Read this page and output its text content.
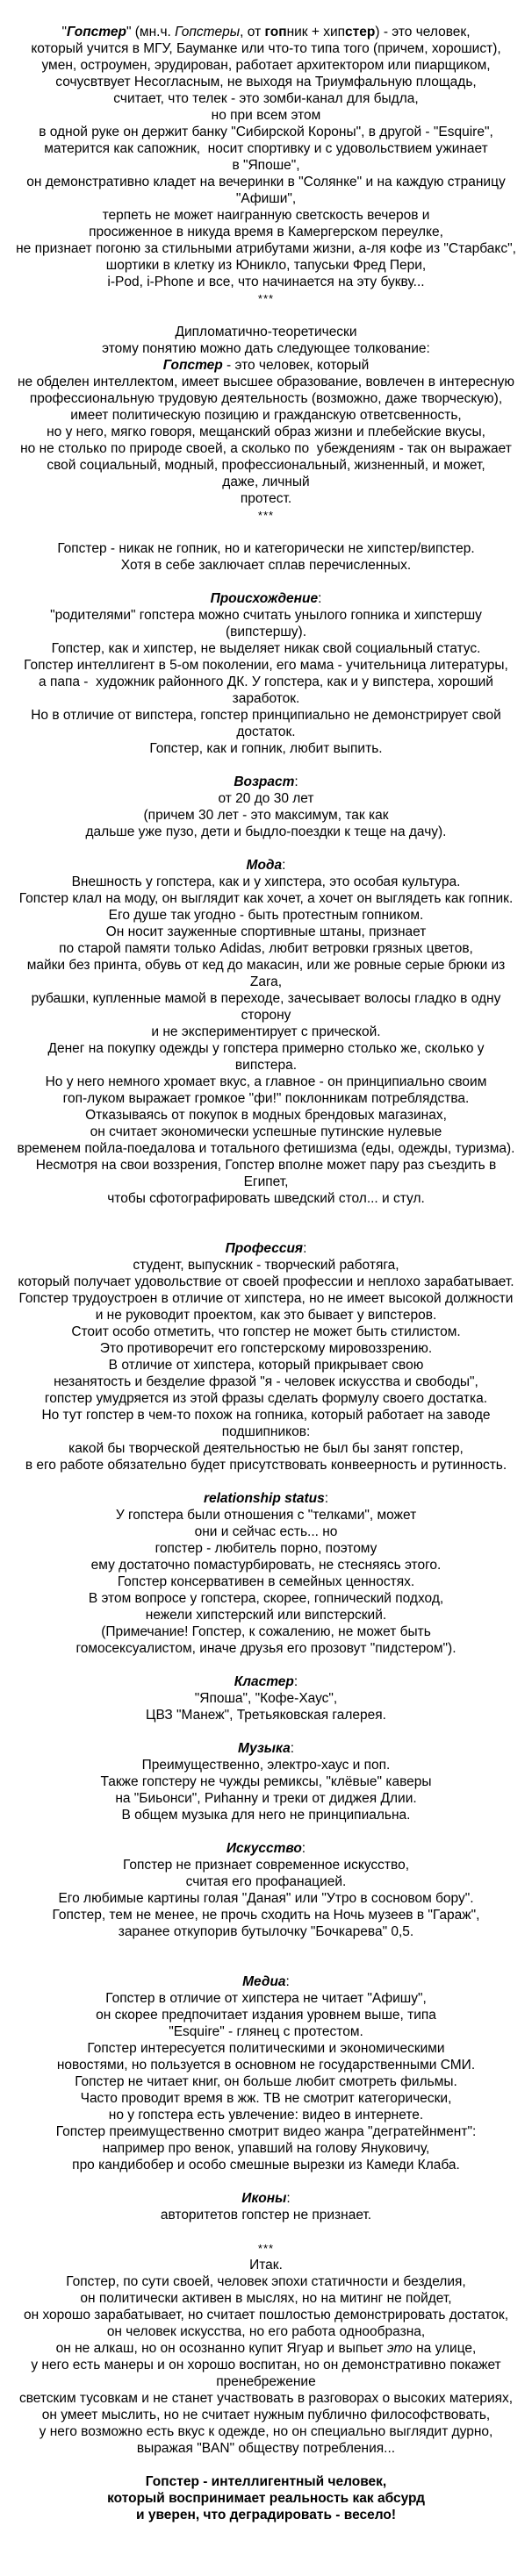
"Гопстер" (мн.ч. Гопстеры, от гопник + хипстер) - это человек,
который учится в МГУ, Бауманке или что-то типа того (причем, хорошист),
умен, остроумен, эрудирован, работает архитектором или пиарщиком,
сочусвтвует Несогласным, не выходя на Триумфальную площадь,
считает, что телек - это зомби-канал для быдла,
но при всем этом
в одной руке он держит банку "Сибирской Короны", в другой - "Esquire",
матерится как сапожник,  носит спортивку и с удовольствием ужинает
в "Япоше",
он демонстративно кладет на вечеринки в "Солянке" и на каждую страницу
"Афиши",
терпеть не может наигранную светскость вечеров и
просиженное в никуда время в Камергерском переулке,
не признает погоню за стильными атрибутами жизни, а-ля кофе из "Старбакс",
шортики в клетку из Юникло, тапуськи Фред Пери,
i-Pod, i-Phone и все, что начинается на эту букву...
***
Дипломатично-теоретически
этому понятию можно дать следующее толкование:
Гопстер - это человек, который
не обделен интеллектом, имеет высшее образование, вовлечен в интересную
профессиональную трудовую деятельность (возможно, даже творческую),
имеет политическую позицию и гражданскую ответсвенность,
но у него, мягко говоря, мещанский образ жизни и плебейские вкусы,
но не столько по природе своей, а сколько по  убеждениям - так он выражает
свой социальный, модный, профессиональный, жизненный, и может,
даже, личный
протест.
***
Гопстер - никак не гопник, но и категорически не хипстер/випстер.
Хотя в себе заключает сплав перечисленных.
Происхождение:
"родителями" гопстера можно считать унылого гопника и хипстершу
(випстершу).
Гопстер, как и хипстер, не выделяет никак свой социальный статус.
Гопстер интеллигент в 5-ом поколении, его мама - учительница литературы,
а папа -  художник районного ДК. У гопстера, как и у випстера, хороший
заработок.
Но в отличие от випстера, гопстер принципиально не демонстрирует свой
достаток.
Гопстер, как и гопник, любит выпить.
Возраст:
от 20 до 30 лет
(причем 30 лет - это максимум, так как
дальше уже пузо, дети и быдло-поездки к теще на дачу).
Мода:
Внешность у гопстера, как и у хипстера, это особая культура.
Гопстер клал на моду, он выглядит как хочет, а хочет он выглядеть как гопник.
Его душе так угодно - быть протестным гопником.
Он носит зауженные спортивные штаны, признает
по старой памяти только Adidas, любит ветровки грязных цветов,
майки без принта, обувь от кед до макасин, или же ровные серые брюки из
Zara,
рубашки, купленные мамой в переходе, зачесывает волосы гладко в одну
сторону
и не экспериментирует с прической.
Денег на покупку одежды у гопстера примерно столько же, сколько у
випстера.
Но у него немного хромает вкус, а главное - он принципиально своим
гоп-луком выражает громкое "фи!" поклонникам потреблядства.
Отказываясь от покупок в модных брендовых магазинах,
он считает экономически успешные путинские нулевые
временем пойла-поедалова и тотального фетишизма (еды, одежды, туризма).
Несмотря на свои воззрения, Гопстер вполне может пару раз съездить в
Египет,
чтобы сфотографировать шведский стол... и стул.
Профессия:
студент, выпускник - творческий работяга,
который получает удовольствие от своей профессии и неплохо зарабатывает.
Гопстер трудоустроен в отличие от хипстера, но не имеет высокой должности
и не руководит проектом, как это бывает у випстеров.
Стоит особо отметить, что гопстер не может быть стилистом.
Это противоречит его гопстерскому мировоззрению.
В отличие от хипстера, который прикрывает свою
незанятость и безделие фразой "я - человек искусства и свободы",
гопстер умудряется из этой фразы сделать формулу своего достатка.
Но тут гопстер в чем-то похож на гопника, который работает на заводе
подшипников:
какой бы творческой деятельностью не был бы занят гопстер,
в его работе обязательно будет присутствовать конвеерность и рутинность.
relationship status:
У гопстера были отношения с "телками", может
они и сейчас есть... но
гопстер - любитель порно, поэтому
ему достаточно помастурбировать, не стесняясь этого.
Гопстер консервативен в семейных ценностях.
В этом вопросе у гопстера, скорее, гопнический подход,
нежели хипстерский или випстерский.
(Примечание! Гопстер, к сожалению, не может быть
гомосексуалистом, иначе друзья его прозовут "пидстером").
Кластер:
"Япоша", "Кофе-Хаус",
ЦВЗ "Манеж", Третьяковская галерея.
Музыка:
Преимущественно, электро-хаус и поп.
Также гопстеру не чужды ремиксы, "клёвые" каверы
на "Биьонси", Риhанну и треки от диджея Длии.
В общем музыка для него не принципиальна.
Искусство:
Гопстер не признает современное искусство,
считая его профанацией.
Его любимые картины голая "Даная" или "Утро в сосновом бору".
Гопстер, тем не менее, не прочь сходить на Ночь музеев в "Гараж",
заранее откупорив бутылочку "Бочкарева" 0,5.
Медиа:
Гопстер в отличие от хипстера не читает "Афишу",
он скорее предпочитает издания уровнем выше, типа
"Esquire" - глянец с протестом.
Гопстер интересуется политическими и экономическими
новостями, но пользуется в основном не государственными СМИ.
Гопстер не читает книг, он больше любит смотреть фильмы.
Часто проводит время в жж. ТВ не смотрит категорически,
но у гопстера есть увлечение: видео в интернете.
Гопстер преимущественно смотрит видео жанра "дегратейнмент":
например про венок, упавший на голову Януковичу,
про кандибобер и особо смешные вырезки из Камеди Клаба.
Иконы:
авторитетов гопстер не признает.
***
Итак.
Гопстер, по сути своей, человек эпохи статичности и безделия,
он политически активен в мыслях, но на митинг не пойдет,
он хорошо зарабатывает, но считает пошлостью демонстрировать достаток,
он человек искусства, но его работа однообразна,
он не алкаш, но он осознанно купит Ягуар и выпьет это на улице,
у него есть манеры и он хорошо воспитан, но он демонстративно покажет
пренебрежение
светским тусовкам и не станет участвовать в разговорах о высоких материях,
он умеет мыслить, но не считает нужным публично философствовать,
у него возможно есть вкус к одежде, но он специально выглядит дурно,
выражая "BAN" обществу потребления...
Гопстер - интеллигентный человек,
который воспринимает реальность как абсурд
и уверен, что деградировать - весело!
